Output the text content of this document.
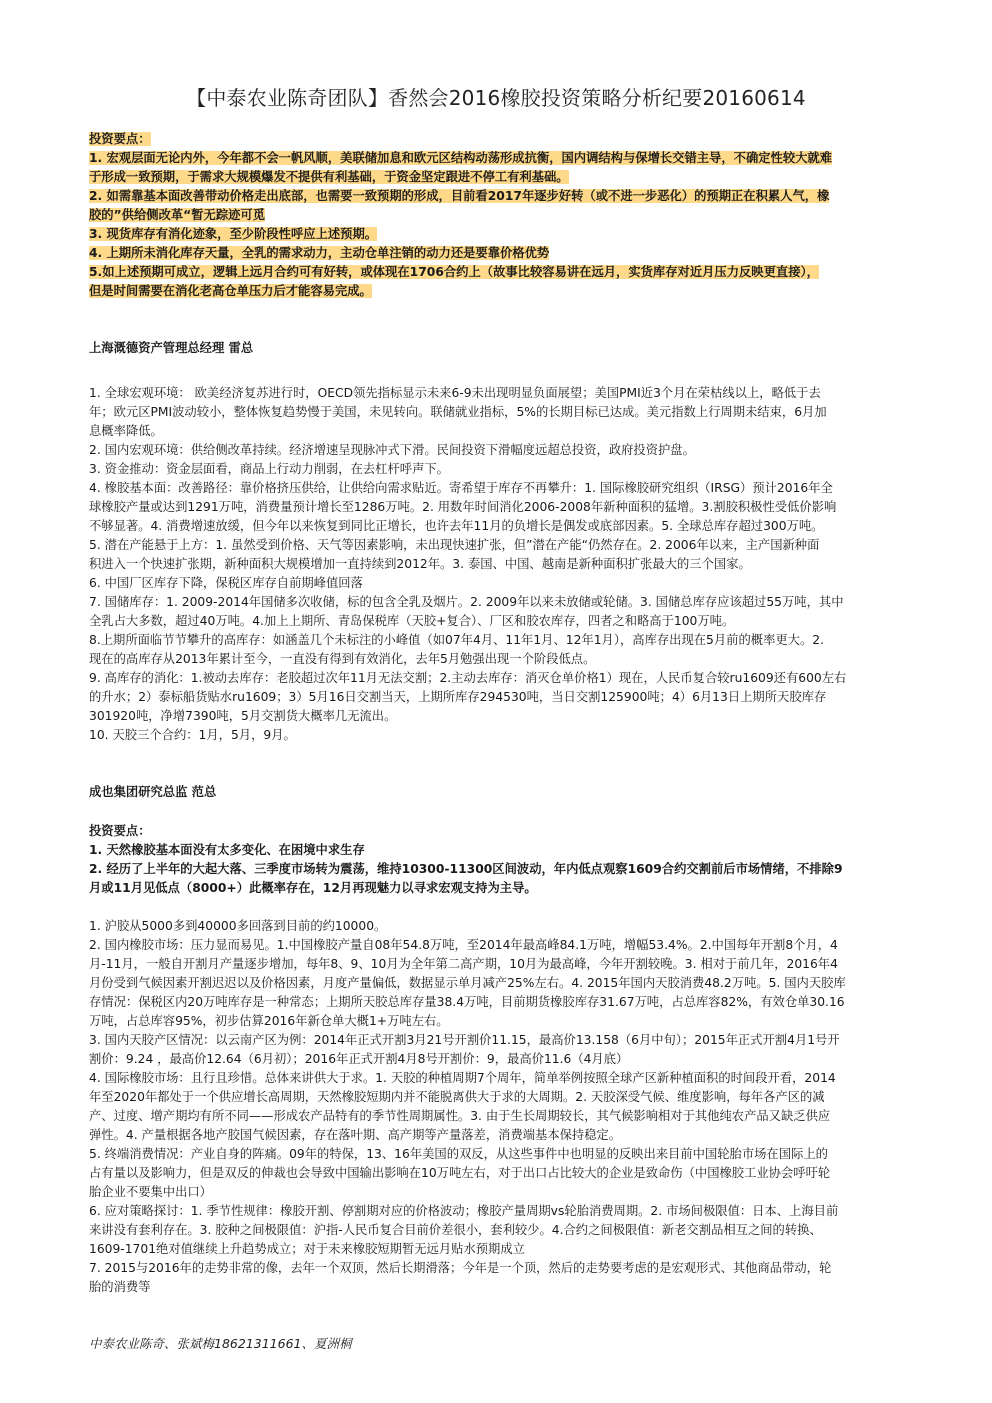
【中泰农业陈奇团队】香然会2016橡胶投资策略分析纪要20160614
投资要点：
1. 宏观层面无论内外，今年都不会一帆风顺，美联储加息和欧元区结构动荡形成抗衡，国内调结构与保增长交错主导，不确定性较大就难
于形成一致预期，于需求大规模爆发不提供有利基础，于资金坚定跟进不停工有利基础。
2. 如需靠基本面改善带动价格走出底部，也需要一致预期的形成，目前看2017年逐步好转（或不进一步恶化）的预期正在积累人气，橡
胶的”供给侧改革“暂无踪迹可觅
3. 现货库存有消化迹象，至少阶段性呼应上述预期。
4. 上期所未消化库存天量，全乳的需求动力，主动仓单注销的动力还是要靠价格优势
5.如上述预期可成立，逻辑上远月合约可有好转，或体现在1706合约上（故事比较容易讲在远月，实货库存对近月压力反映更直接），
但是时间需要在消化老高仓单压力后才能容易完成。
上海溉德资产管理总经理 雷总
1. 全球宏观环境： 欧美经济复苏进行时，OECD领先指标显示未来6-9未出现明显负面展望；美国PMI近3个月在荣枯线以上，略低于去
年；欧元区PMI波动较小，整体恢复趋势慢于美国，未见转向。联储就业指标，5%的长期目标已达成。美元指数上行周期未结束，6月加
息概率降低。
2. 国内宏观环境：供给侧改革持续。经济增速呈现脉冲式下滑。民间投资下滑幅度远超总投资，政府投资护盘。
3. 资金推动：资金层面看，商品上行动力削弱，在去杠杆呼声下。
4. 橡胶基本面：改善路径：靠价格挤压供给，让供给向需求贴近。寄希望于库存不再攀升：1. 国际橡胶研究组织（IRSG）预计2016年全
球橡胶产量或达到1291万吨，消费量预计增长至1286万吨。2. 用数年时间消化2006-2008年新种面积的猛增。3.割胶积极性受低价影响
不够显著。4. 消费增速放缓，但今年以来恢复到同比正增长，也许去年11月的负增长是偶发或底部因素。5. 全球总库存超过300万吨。
5. 潜在产能悬于上方：1. 虽然受到价格、天气等因素影响，未出现快速扩张，但”潜在产能“仍然存在。2. 2006年以来，主产国新种面
积进入一个快速扩张期，新种面积大规模增加一直持续到2012年。3. 泰国、中国、越南是新种面积扩张最大的三个国家。
6. 中国厂区库存下降，保税区库存自前期峰值回落
7. 国储库存：1. 2009-2014年国储多次收储，标的包含全乳及烟片。2. 2009年以来未放储或轮储。3. 国储总库存应该超过55万吨，其中
全乳占大多数，超过40万吨。4.加上上期所、青岛保税库（天胶+复合）、厂区和胶农库存，四者之和略高于100万吨。
8.上期所面临节节攀升的高库存：如涵盖几个未标注的小峰值（如07年4月、11年1月、12年1月），高库存出现在5月前的概率更大。2.
现在的高库存从2013年累计至今，一直没有得到有效消化，去年5月勉强出现一个阶段低点。
9. 高库存的消化：1.被动去库存：老胶超过次年11月无法交割；2.主动去库存：消灭仓单价格1）现在，人民币复合较ru1609还有600左右
的升水；2）泰标船货贴水ru1609；3）5月16日交割当天，上期所库存294530吨，当日交割125900吨；4）6月13日上期所天胶库存
301920吨，净增7390吨，5月交割货大概率几无流出。
10. 天胶三个合约：1月，5月，9月。
成也集团研究总监 范总
投资要点：
1. 天然橡胶基本面没有太多变化、在困境中求生存
2. 经历了上半年的大起大落、三季度市场转为震荡，维持10300-11300区间波动，年内低点观察1609合约交割前后市场情绪，不排除9
月或11月见低点（8000+）此概率存在，12月再现魅力以寻求宏观支持为主导。
1. 沪胶从5000多到40000多回落到目前的约10000。
2. 国内橡胶市场：压力显而易见。1.中国橡胶产量自08年54.8万吨，至2014年最高峰84.1万吨，增幅53.4%。2.中国每年开割8个月，4
月-11月，一般自开割月产量逐步增加，每年8、9、10月为全年第二高产期，10月为最高峰，今年开割较晚。3. 相对于前几年，2016年4
月份受到气候因素开割迟迟以及价格因素，月度产量偏低，数据显示单月减产25%左右。4. 2015年国内天胶消费48.2万吨。5. 国内天胶库
存情况：保税区内20万吨库存是一种常态；上期所天胶总库存量38.4万吨，目前期货橡胶库存31.67万吨，占总库容82%，有效仓单30.16
万吨，占总库容95%，初步估算2016年新仓单大概1+万吨左右。
3. 国内天胶产区情况：以云南产区为例：2014年正式开割3月21号开割价11.15，最高价13.158（6月中旬）；2015年正式开割4月1号开
割价：9.24 ，最高价12.64（6月初）；2016年正式开割4月8号开割价：9，最高价11.6（4月底）
4. 国际橡胶市场：且行且珍惜。总体来讲供大于求。1. 天胶的种植周期7个周年，简单举例按照全球产区新种植面积的时间段开看，2014
年至2020年都处于一个供应增长高周期，天然橡胶短期内并不能脱离供大于求的大周期。2. 天胶深受气候、维度影响，每年各产区的减
产、过度、增产期均有所不同——形成农产品特有的季节性周期属性。3. 由于生长周期较长，其气候影响相对于其他纯农产品又缺乏供应
弹性。4. 产量根据各地产胶国气候因素，存在落叶期、高产期等产量落差，消费端基本保持稳定。
5. 终端消费情况：产业自身的阵痛。09年的特保，13、16年美国的双反，从这些事件中也明显的反映出来目前中国轮胎市场在国际上的
占有量以及影响力，但是双反的伸裁也会导致中国输出影响在10万吨左右，对于出口占比较大的企业是致命伤（中国橡胶工业协会呼吁轮
胎企业不要集中出口）
6. 应对策略探讨：1. 季节性规律：橡胶开割、停割期对应的价格波动；橡胶产量周期vs轮胎消费周期。2. 市场间极限值：日本、上海目前
来讲没有套利存在。3. 胶种之间极限值：沪指-人民币复合目前价差很小，套利较少。4.合约之间极限值：新老交割品相互之间的转换、
1609-1701绝对值继续上升趋势成立；对于未来橡胶短期暂无远月贴水预期成立
7. 2015与2016年的走势非常的像，去年一个双顶，然后长期滑落；今年是一个顶，然后的走势要考虑的是宏观形式、其他商品带动，轮
胎的消费等
中泰农业陈奇、张斌梅18621311661、夏洲桐
